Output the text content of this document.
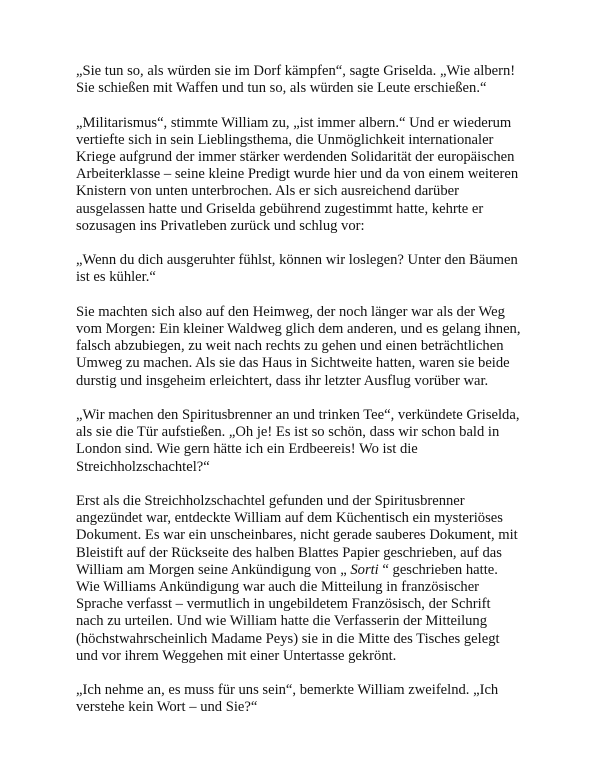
„Sie tun so, als würden sie im Dorf kämpfen“, sagte Griselda. „Wie albern!
Sie schießen mit Waffen und tun so, als würden sie Leute erschießen.“

„Militarismus“, stimmte William zu, „ist immer albern.“ Und er wiederum
vertiefte sich in sein Lieblingsthema, die Unmöglichkeit internationaler
Kriege aufgrund der immer stärker werdenden Solidarität der europäischen
Arbeiterklasse – seine kleine Predigt wurde hier und da von einem weiteren
Knistern von unten unterbrochen. Als er sich ausreichend darüber
ausgelassen hatte und Griselda gebührend zugestimmt hatte, kehrte er
sozusagen ins Privatleben zurück und schlug vor:

„Wenn du dich ausgeruhter fühlst, können wir loslegen? Unter den Bäumen
ist es kühler.“

Sie machten sich also auf den Heimweg, der noch länger war als der Weg
vom Morgen: Ein kleiner Waldweg glich dem anderen, und es gelang ihnen,
falsch abzubiegen, zu weit nach rechts zu gehen und einen beträchtlichen
Umweg zu machen. Als sie das Haus in Sichtweite hatten, waren sie beide
durstig und insgeheim erleichtert, dass ihr letzter Ausflug vorüber war.

„Wir machen den Spiritusbrenner an und trinken Tee“, verkündete Griselda,
als sie die Tür aufstießen. „Oh je! Es ist so schön, dass wir schon bald in
London sind. Wie gern hätte ich ein Erdbeereis! Wo ist die
Streichholzschachtel?“

Erst als die Streichholzschachtel gefunden und der Spiritusbrenner
angezündet war, entdeckte William auf dem Küchentisch ein mysteriöses
Dokument. Es war ein unscheinbares, nicht gerade sauberes Dokument, mit
Bleistift auf der Rückseite des halben Blattes Papier geschrieben, auf das
William am Morgen seine Ankündigung von „ Sorti “ geschrieben hatte.
Wie Williams Ankündigung war auch die Mitteilung in französischer
Sprache verfasst – vermutlich in ungebildetem Französisch, der Schrift
nach zu urteilen. Und wie William hatte die Verfasserin der Mitteilung
(höchstwahrscheinlich Madame Peys) sie in die Mitte des Tisches gelegt
und vor ihrem Weggehen mit einer Untertasse gekrönt.

„Ich nehme an, es muss für uns sein“, bemerkte William zweifelnd. „Ich
verstehe kein Wort – und Sie?“
